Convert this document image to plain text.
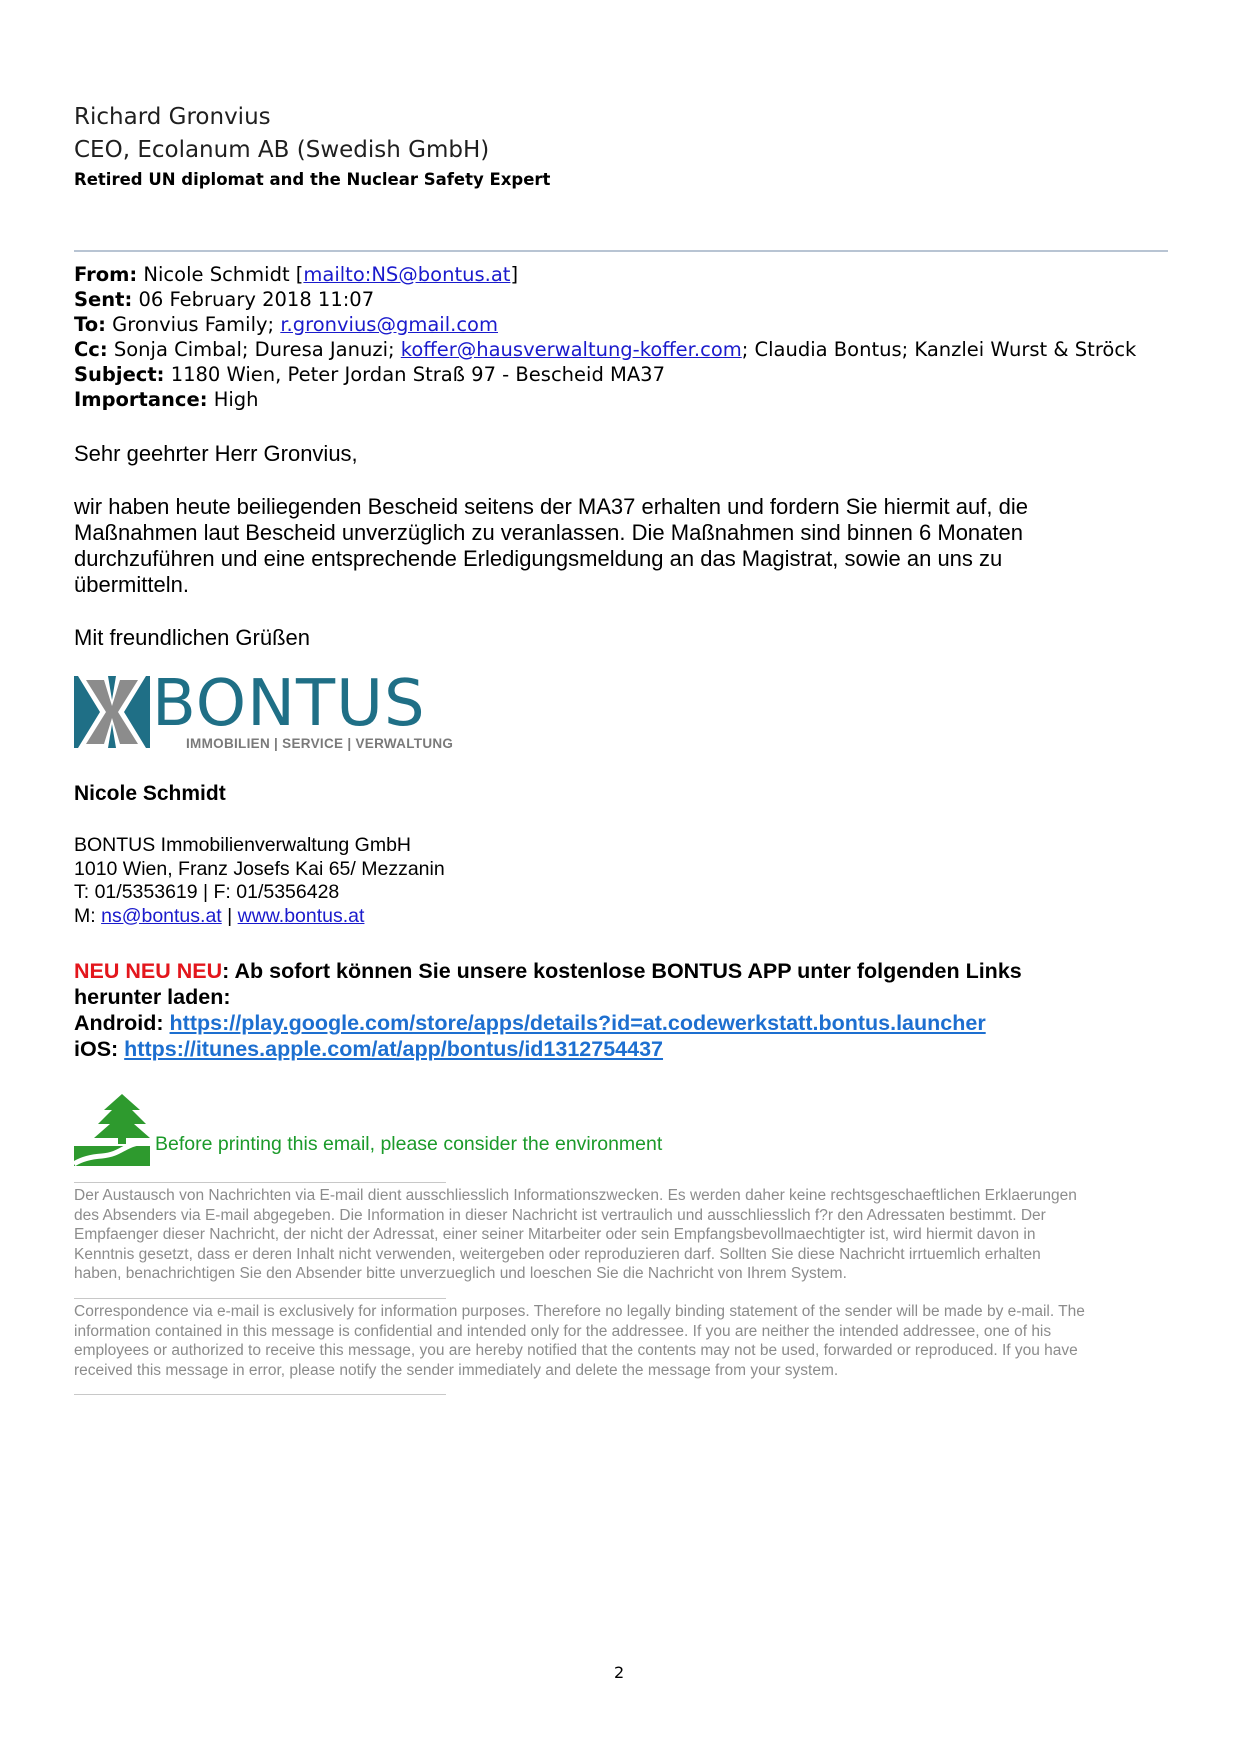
Richard Gronvius
CEO, Ecolanum AB (Swedish GmbH)
Retired UN diplomat and the Nuclear Safety Expert
From: Nicole Schmidt [mailto:NS@bontus.at]
Sent: 06 February 2018 11:07
To: Gronvius Family; r.gronvius@gmail.com
Cc: Sonja Cimbal; Duresa Januzi; koffer@hausverwaltung-koffer.com; Claudia Bontus; Kanzlei Wurst & Ströck
Subject: 1180 Wien, Peter Jordan Straß 97 - Bescheid MA37
Importance: High
Sehr geehrter Herr Gronvius,
wir haben heute beiliegenden Bescheid seitens der MA37 erhalten und fordern Sie hiermit auf, die
Maßnahmen laut Bescheid unverzüglich zu veranlassen. Die Maßnahmen sind binnen 6 Monaten
durchzuführen und eine entsprechende Erledigungsmeldung an das Magistrat, sowie an uns zu
übermitteln.
Mit freundlichen Grüßen
BONTUS
IMMOBILIEN | SERVICE | VERWALTUNG
Nicole Schmidt
BONTUS Immobilienverwaltung GmbH
1010 Wien, Franz Josefs Kai 65/ Mezzanin
T: 01/5353619 | F: 01/5356428
M: ns@bontus.at | www.bontus.at
NEU NEU NEU: Ab sofort können Sie unsere kostenlose BONTUS APP unter folgenden Links
herunter laden:
Android: https://play.google.com/store/apps/details?id=at.codewerkstatt.bontus.launcher
iOS: https://itunes.apple.com/at/app/bontus/id1312754437
Before printing this email, please consider the environment
Der Austausch von Nachrichten via E-mail dient ausschliesslich Informationszwecken. Es werden daher keine rechtsgeschaeftlichen Erklaerungen
des Absenders via E-mail abgegeben. Die Information in dieser Nachricht ist vertraulich und ausschliesslich f?r den Adressaten bestimmt. Der
Empfaenger dieser Nachricht, der nicht der Adressat, einer seiner Mitarbeiter oder sein Empfangsbevollmaechtigter ist, wird hiermit davon in
Kenntnis gesetzt, dass er deren Inhalt nicht verwenden, weitergeben oder reproduzieren darf. Sollten Sie diese Nachricht irrtuemlich erhalten
haben, benachrichtigen Sie den Absender bitte unverzueglich und loeschen Sie die Nachricht von Ihrem System.
Correspondence via e-mail is exclusively for information purposes. Therefore no legally binding statement of the sender will be made by e-mail. The
information contained in this message is confidential and intended only for the addressee. If you are neither the intended addressee, one of his
employees or authorized to receive this message, you are hereby notified that the contents may not be used, forwarded or reproduced. If you have
received this message in error, please notify the sender immediately and delete the message from your system.
2
